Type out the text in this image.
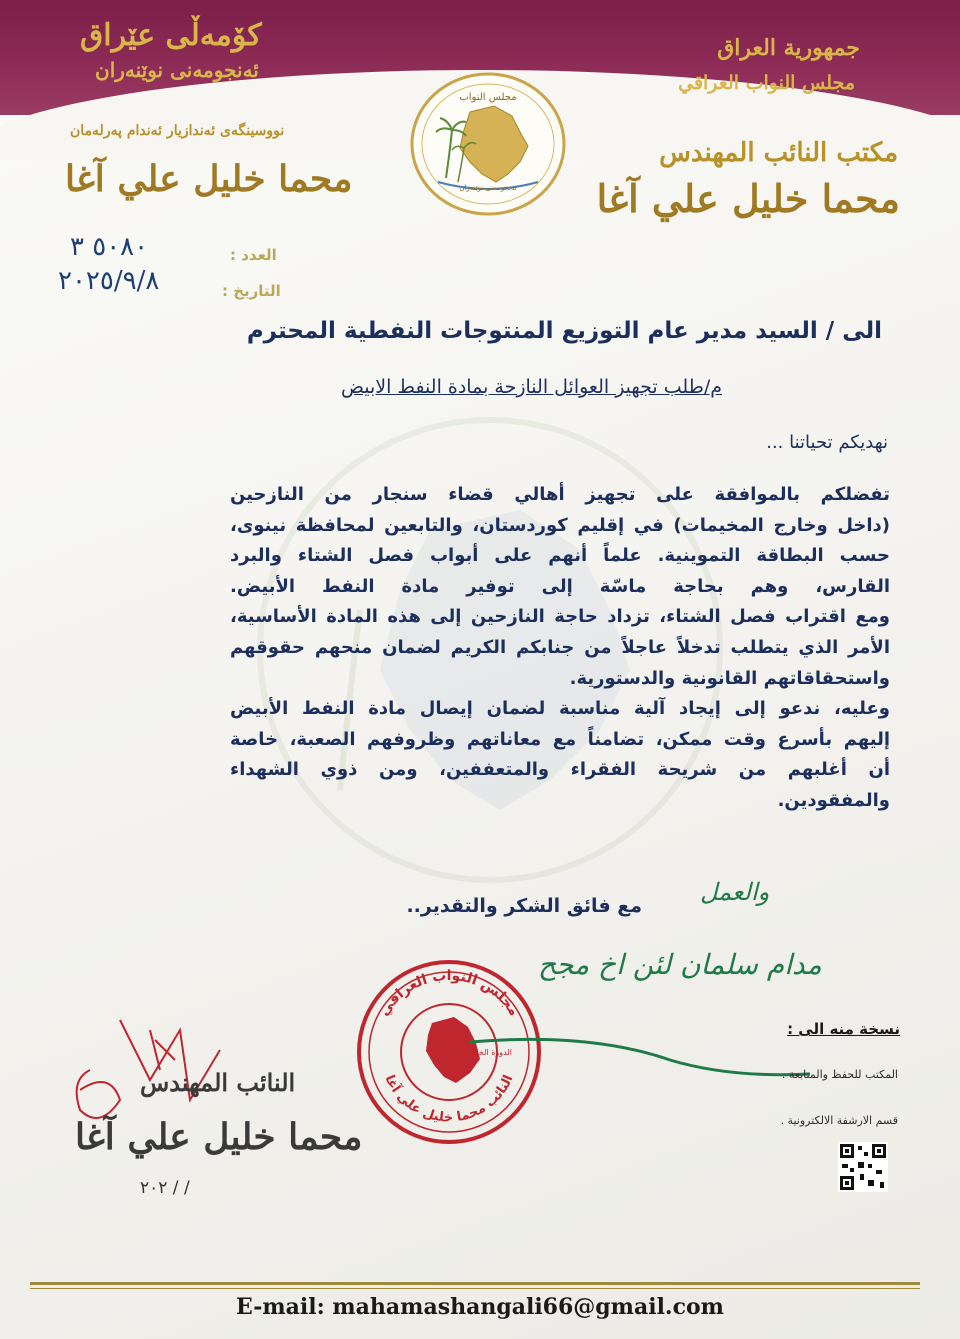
کۆمەڵی عێراق
ئەنجومەنی نوێنەران
جمهورية العراق
مجلس النواب العراقي
نووسینگەی ئەندازیار ئەندام پەرلەمان
محما خليل علي آغا
مكتب النائب المهندس
محما خليل علي آغا
مجلس النواب
ئەنجومەنی نوێنەران
العدد :
٥٠٨٠ ٣
التاريخ :
٢٠٢٥/٩/٨
الى / السيد مدير عام التوزيع المنتوجات النفطية المحترم
م/طلب تجهيز العوائل النازحة بمادة النفط الابيض
نهديكم تحياتنا ...
تفضلكم بالموافقة على تجهيز أهالي قضاء سنجار من النازحين
(داخل وخارج المخيمات) في إقليم كوردستان، والتابعين لمحافظة نينوى،
حسب البطاقة التموينية. علماً أنهم على أبواب فصل الشتاء والبرد
القارس، وهم بحاجة ماسّة إلى توفير مادة النفط الأبيض.
ومع اقتراب فصل الشتاء، تزداد حاجة النازحين إلى هذه المادة الأساسية،
الأمر الذي يتطلب تدخلاً عاجلاً من جنابكم الكريم لضمان منحهم حقوقهم
واستحقاقاتهم القانونية والدستورية.
وعليه، ندعو إلى إيجاد آلية مناسبة لضمان إيصال مادة النفط الأبيض
إليهم بأسرع وقت ممكن، تضامناً مع معاناتهم وظروفهم الصعبة، خاصة
أن أغلبهم من شريحة الفقراء والمتعففين، ومن ذوي الشهداء
والمفقودين.
مع فائق الشكر والتقدير.. والعمل
مدام سلمان لئن اخ مجح
مجلس النواب العراقي
النائب محما خليل علي آغا
الدورة الخامسة
النائب المهندس
محما خليل علي آغا
٢٠٢ / /
نسخة منه الى :
المكتب للحفظ والمتابعة .
قسم الارشفة الالكترونية .
E-mail: mahamashangali66@gmail.com
